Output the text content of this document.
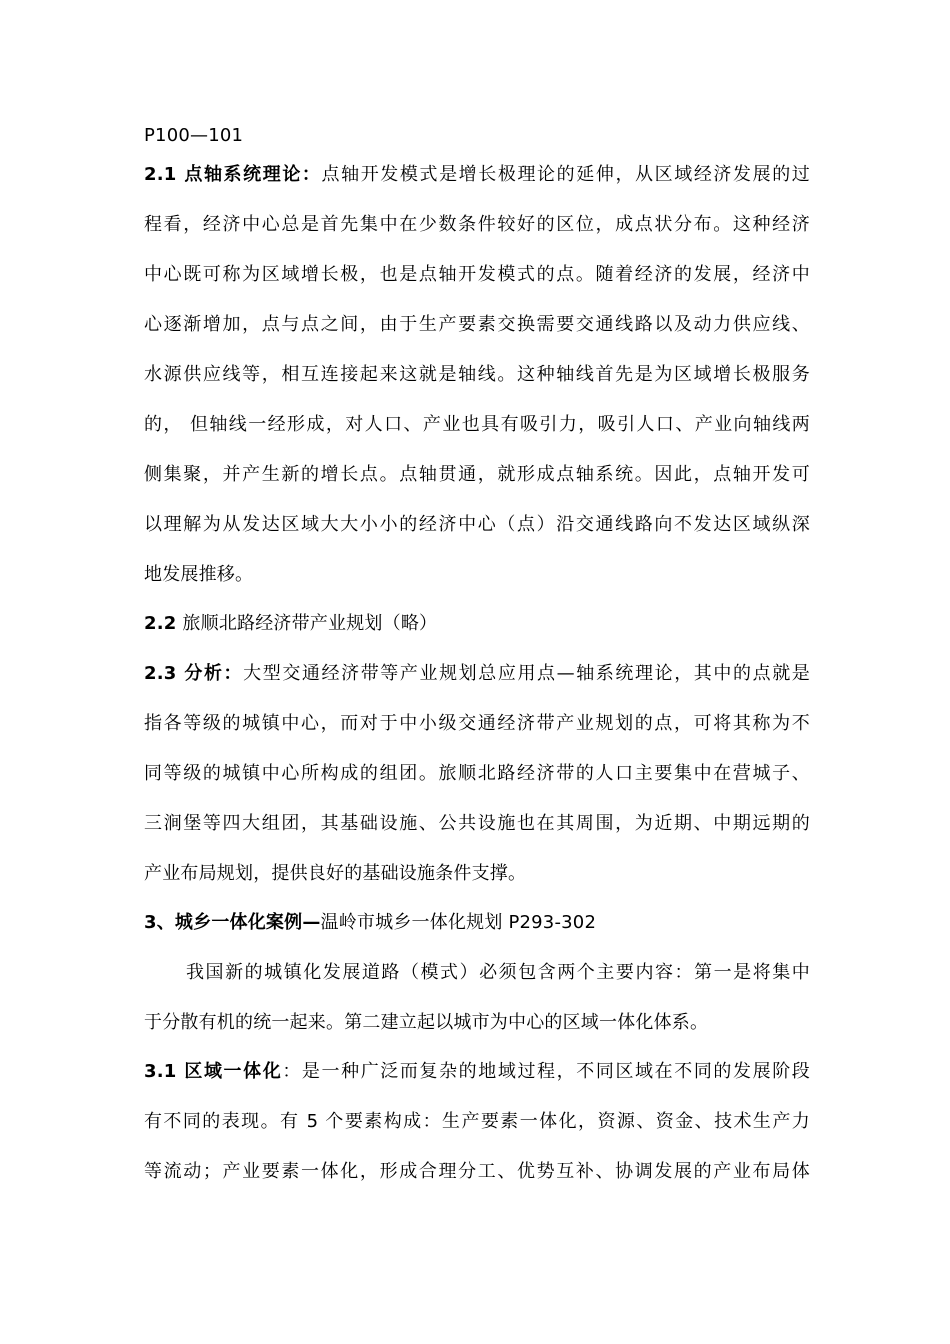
P100—101
2.1 点轴系统理论：点轴开发模式是增长极理论的延伸，从区域经济发展的过
程看，经济中心总是首先集中在少数条件较好的区位，成点状分布。这种经济
中心既可称为区域增长极，也是点轴开发模式的点。随着经济的发展，经济中
心逐渐增加，点与点之间，由于生产要素交换需要交通线路以及动力供应线、
水源供应线等，相互连接起来这就是轴线。这种轴线首先是为区域增长极服务
的， 但轴线一经形成，对人口、产业也具有吸引力，吸引人口、产业向轴线两
侧集聚，并产生新的增长点。点轴贯通，就形成点轴系统。因此，点轴开发可
以理解为从发达区域大大小小的经济中心（点）沿交通线路向不发达区域纵深
地发展推移。
2.2 旅顺北路经济带产业规划（略）
2.3 分析：大型交通经济带等产业规划总应用点—轴系统理论，其中的点就是
指各等级的城镇中心，而对于中小级交通经济带产业规划的点，可将其称为不
同等级的城镇中心所构成的组团。旅顺北路经济带的人口主要集中在营城子、
三涧堡等四大组团，其基础设施、公共设施也在其周围，为近期、中期远期的
产业布局规划，提供良好的基础设施条件支撑。
3、城乡一体化案例—温岭市城乡一体化规划 P293-302
我国新的城镇化发展道路（模式）必须包含两个主要内容：第一是将集中
于分散有机的统一起来。第二建立起以城市为中心的区域一体化体系。
3.1 区域一体化：是一种广泛而复杂的地域过程，不同区域在不同的发展阶段
有不同的表现。有 5 个要素构成：生产要素一体化，资源、资金、技术生产力
等流动；产业要素一体化，形成合理分工、优势互补、协调发展的产业布局体
